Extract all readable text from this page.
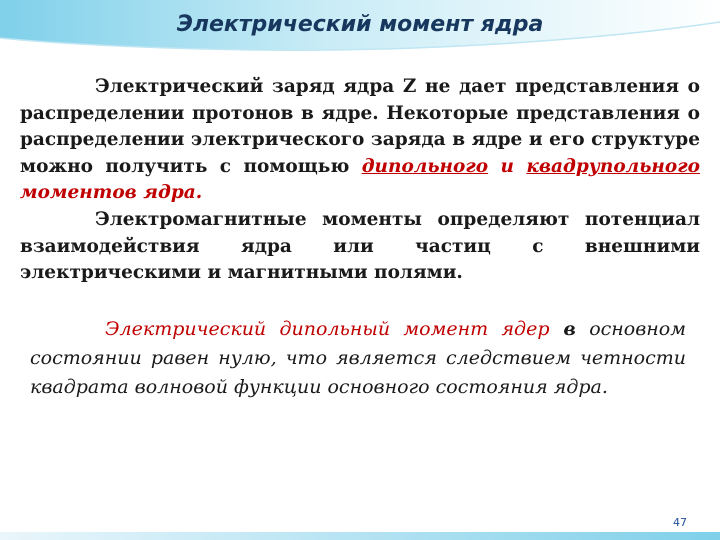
Электрический момент ядра

Электрический заряд ядра Z не дает представления о распределении протонов в ядре. Некоторые представления о распределении электрического заряда в ядре и его структуре можно получить с помощью дипольного и квадрупольного моментов ядра.

Электромагнитные моменты определяют потенциал взаимодействия ядра или частиц с внешними электрическими и магнитными полями.

Электрический дипольный момент ядер в основном состоянии равен нулю, что является следствием четности квадрата волновой функции основного состояния ядра.

47
